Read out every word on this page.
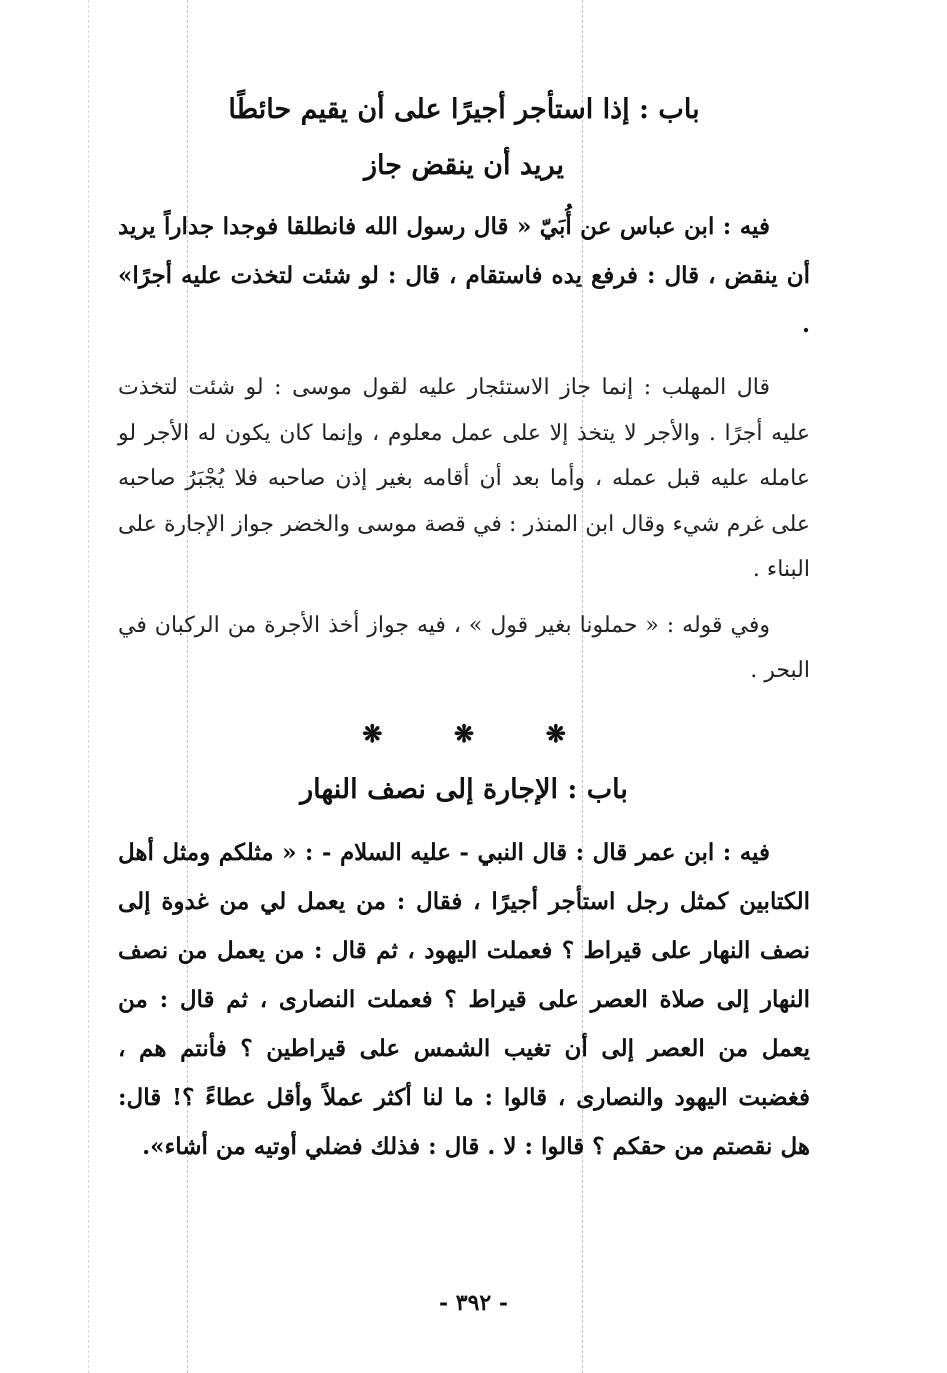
باب : إذا استأجر أجيرًا على أن يقيم حائطًا
يريد أن ينقض جاز

فيه : ابن عباس عن أُبَيّ « قال رسول الله فانطلقا فوجدا جداراً يريد أن ينقض ، قال : فرفع يده فاستقام ، قال : لو شئت لتخذت عليه أجرًا» .

قال المهلب : إنما جاز الاستئجار عليه لقول موسى : لو شئت لتخذت عليه أجرًا . والأجر لا يتخذ إلا على عمل معلوم ، وإنما كان يكون له الأجر لو عامله عليه قبل عمله ، وأما بعد أن أقامه بغير إذن صاحبه فلا يُجْبَرُ صاحبه على غرم شيء وقال ابن المنذر : في قصة موسى والخضر جواز الإجارة على البناء .

وفي قوله : « حملونا بغير قول » ، فيه جواز أخذ الأجرة من الركبان في البحر .

❋	❋	❋
باب : الإجارة إلى نصف النهار

فيه : ابن عمر قال : قال النبي - عليه السلام - : « مثلكم ومثل أهل الكتابين كمثل رجل استأجر أجيرًا ، فقال : من يعمل لي من غدوة إلى نصف النهار على قيراط ؟ فعملت اليهود ، ثم قال : من يعمل من نصف النهار إلى صلاة العصر على قيراط ؟ فعملت النصارى ، ثم قال : من يعمل من العصر إلى أن تغيب الشمس على قيراطين ؟ فأنتم هم ، فغضبت اليهود والنصارى ، قالوا : ما لنا أكثر عملاً وأقل عطاءً ؟! قال: هل نقصتم من حقكم ؟ قالوا : لا . قال : فذلك فضلي أوتيه من أشاء».

- ٣٩٢ -
